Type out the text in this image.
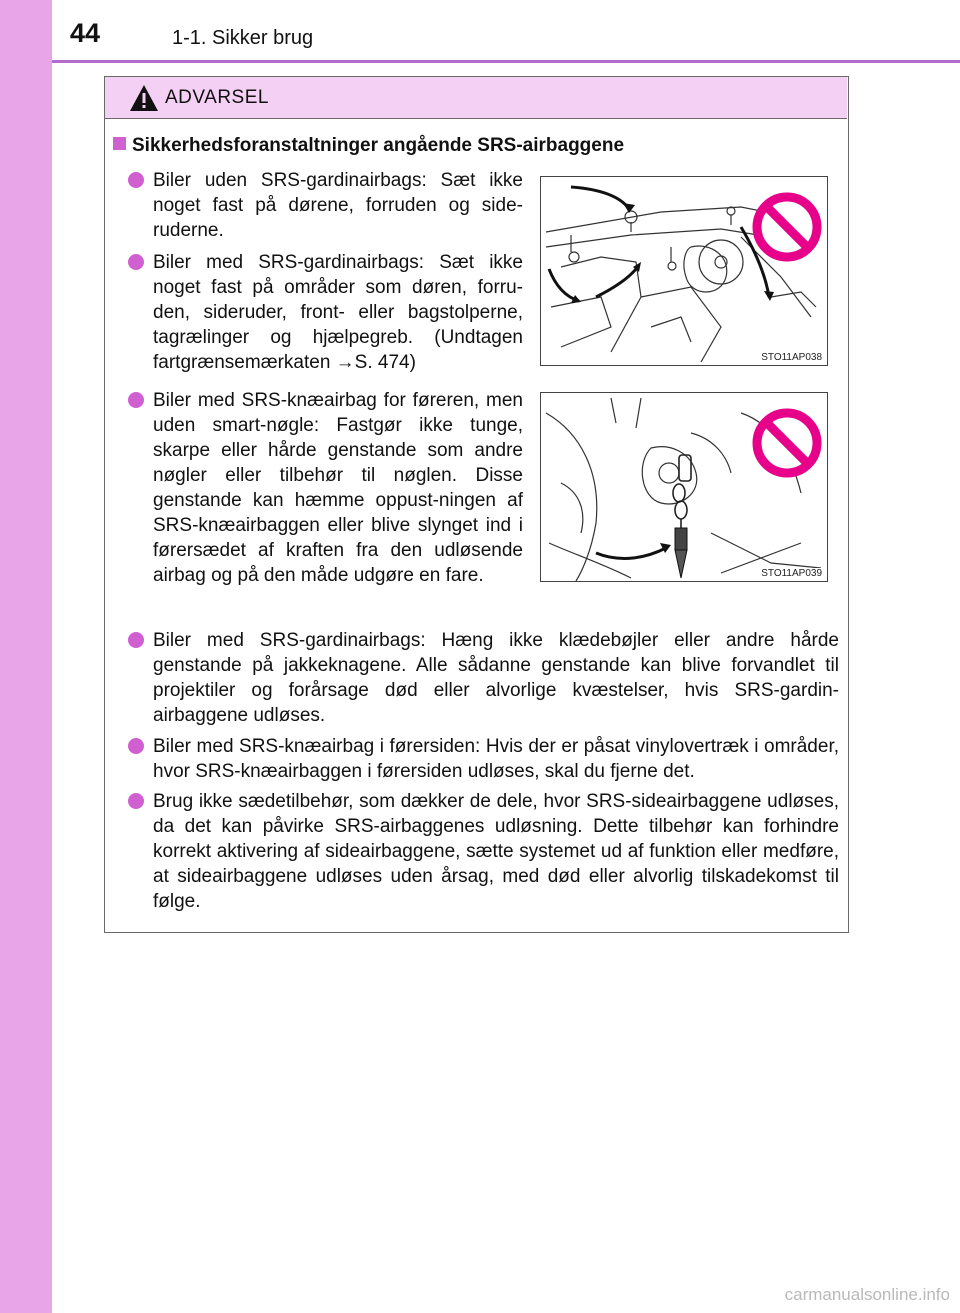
44	1-1. Sikker brug
ADVARSEL
Sikkerhedsforanstaltninger angående SRS-airbaggene
Biler uden SRS-gardinairbags: Sæt ikke noget fast på dørene, forruden og side-ruderne.
Biler med SRS-gardinairbags: Sæt ikke noget fast på områder som døren, forru-den, sideruder, front- eller bagstolperne, tagrælinger og hjælpegreb. (Undtagen fartgrænsemærkaten →S. 474)
Biler med SRS-knæairbag for føreren, men uden smart-nøgle: Fastgør ikke tunge, skarpe eller hårde genstande som andre nøgler eller tilbehør til nøglen. Disse genstande kan hæmme oppust-ningen af SRS-knæairbaggen eller blive slynget ind i førersædet af kraften fra den udløsende airbag og på den måde udgøre en fare.
Biler med SRS-gardinairbags: Hæng ikke klædebøjler eller andre hårde genstande på jakkeknagene. Alle sådanne genstande kan blive forvandlet til projektiler og forårsage død eller alvorlige kvæstelser, hvis SRS-gardin-airbaggene udløses.
Biler med SRS-knæairbag i førersiden: Hvis der er påsat vinylovertræk i områder, hvor SRS-knæairbaggen i førersiden udløses, skal du fjerne det.
Brug ikke sædetilbehør, som dækker de dele, hvor SRS-sideairbaggene udløses, da det kan påvirke SRS-airbaggenes udløsning. Dette tilbehør kan forhindre korrekt aktivering af sideairbaggene, sætte systemet ud af funktion eller medføre, at sideairbaggene udløses uden årsag, med død eller alvorlig tilskadekomst til følge.
STO11AP038
STO11AP039
carmanualsonline.info
